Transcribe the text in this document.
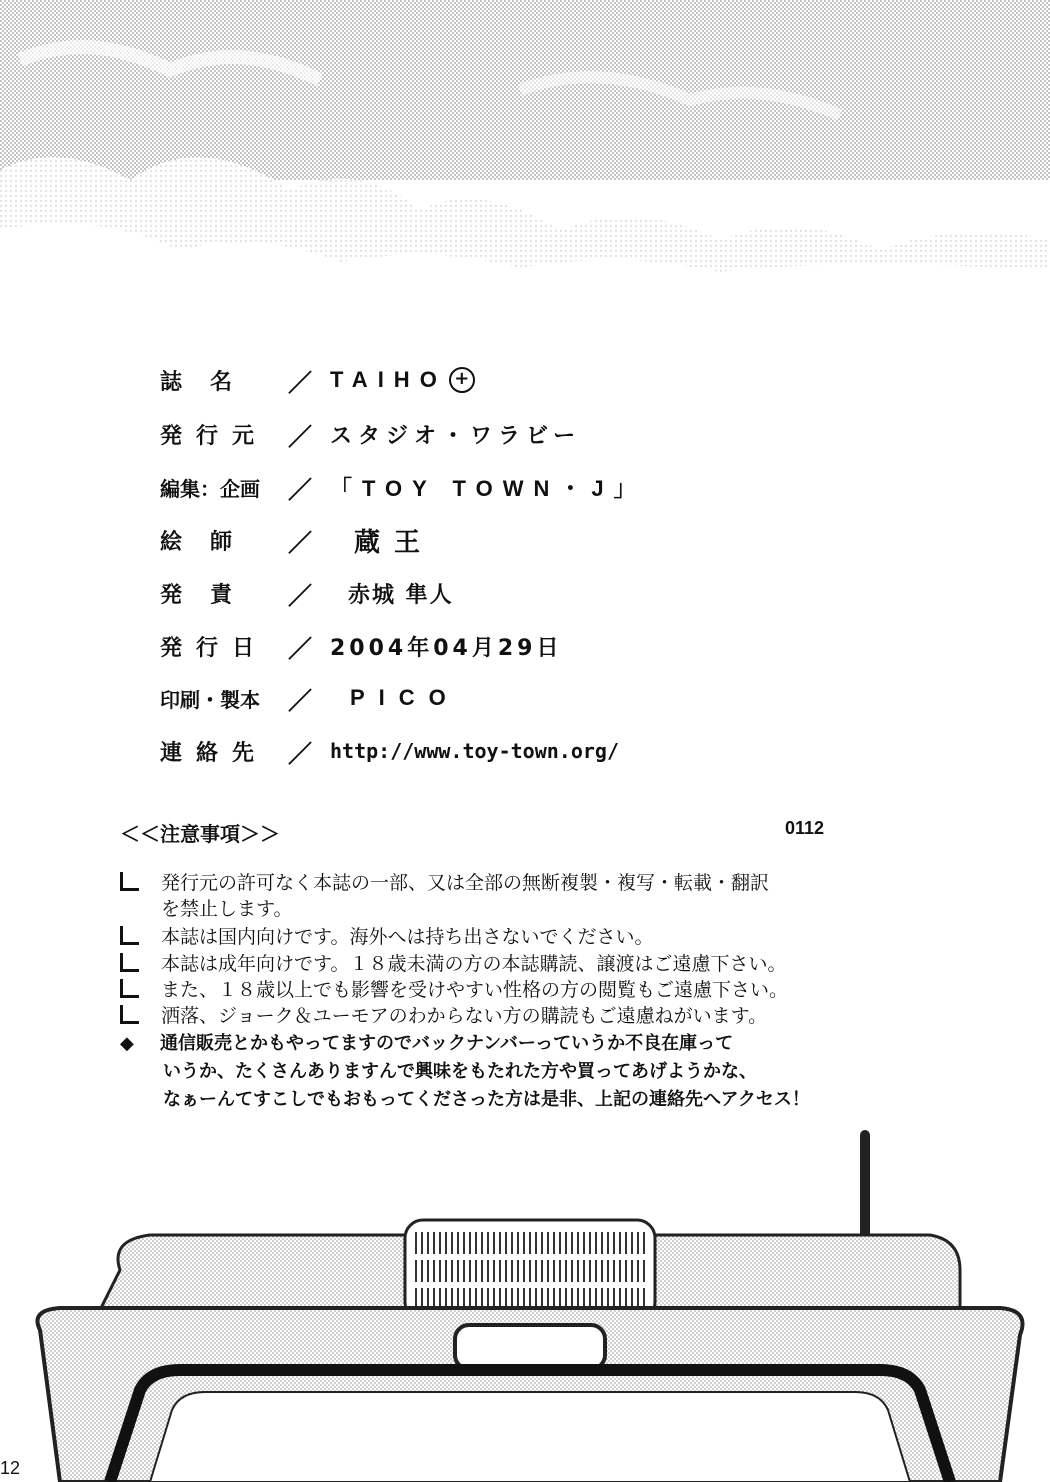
誌名	／ TAIHO +
発行元 ／ スタジオ・ワラビー
編集：企画	／ 「TOY TOWN・J」
絵師	／	蔵王
発責	／	赤城 隼人
発行日 ／ 2004年04月29日
印刷・製本	／	PICO
連絡先 ／ http://www.toy-town.org/
＜＜注意事項＞＞	0112
発行元の許可なく本誌の一部、又は全部の無断複製・複写・転載・翻訳
を禁止します。
本誌は国内向けです。海外へは持ち出さないでください。
本誌は成年向けです。１８歳未満の方の本誌購読、譲渡はご遠慮下さい。
また、１８歳以上でも影響を受けやすい性格の方の閲覧もご遠慮下さい。
洒落、ジョーク＆ユーモアのわからない方の購読もご遠慮ねがいます。
◆ 通信販売とかもやってますのでバックナンバーっていうか不良在庫って
いうか、たくさんありますんで興味をもたれた方や買ってあげようかな、
なぁーんてすこしでもおもってくださった方は是非、上記の連絡先へアクセス！
12
